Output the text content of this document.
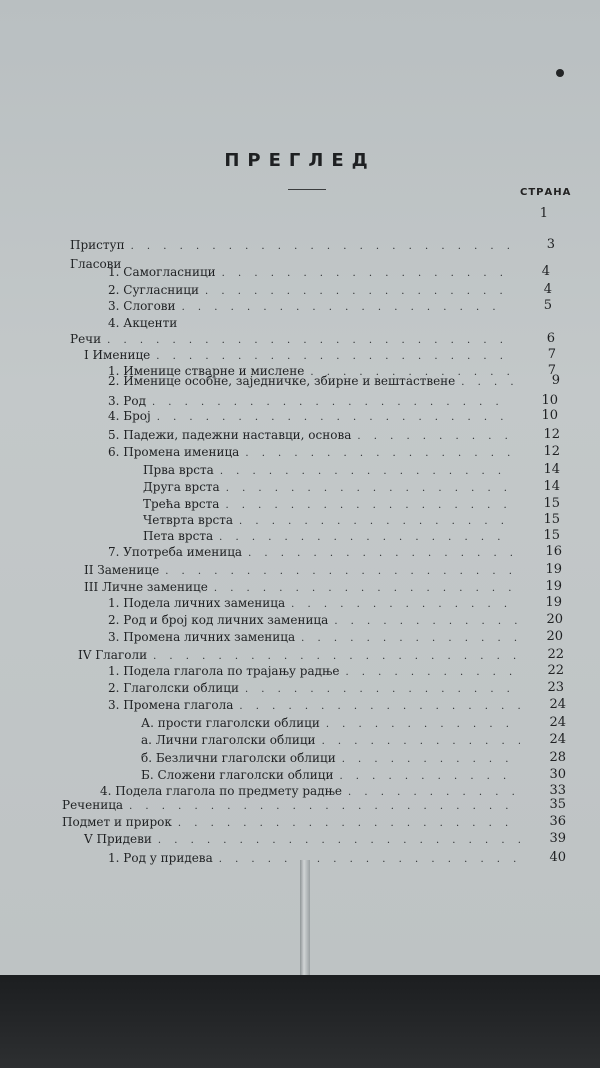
ПРЕГЛЕД
СТРАНА
1
Приступ . . .	3
Гласови
1. Самогласници . . .	4
2. Сугласници . . .	4
3. Слогови . . .	5
4. Акценти
Речи . . .	6
I Именице . . .	7
1. Именице стварне и мислене . . .	7
2. Именице особне, заједничке, збирне и вештаствене . . .	9
3. Род . . .	10
4. Број . . .	10
5. Падежи, падежни наставци, основа . . .	12
6. Промена именица . . .	12
Прва врста . . .	14
Друга врста . . .	14
Трећа врста . . .	15
Четврта врста . . .	15
Пета врста . . .	15
7. Употреба именица . . .	16
II Заменице . . .	19
III Личне заменице . . .	19
1. Подела личних заменица . . .	19
2. Род и број код личних заменица . . .	20
3. Промена личних заменица . . .	20
IV Глаголи . . .	22
1. Подела глагола по трајању радње . . .	22
2. Глаголски облици . . .	23
3. Промена глагола . . .	24
А. прости глаголски облици . . .	24
а. Лични глаголски облици . . .	24
б. Безлични глаголски облици . . .	28
Б. Сложени глаголски облици . . .	30
4. Подела глагола по предмету радње . . .	33
Реченица . . .	35
Подмет и прирок . . .	36
V Придеви . . .	39
1. Род у придева . . .	40
